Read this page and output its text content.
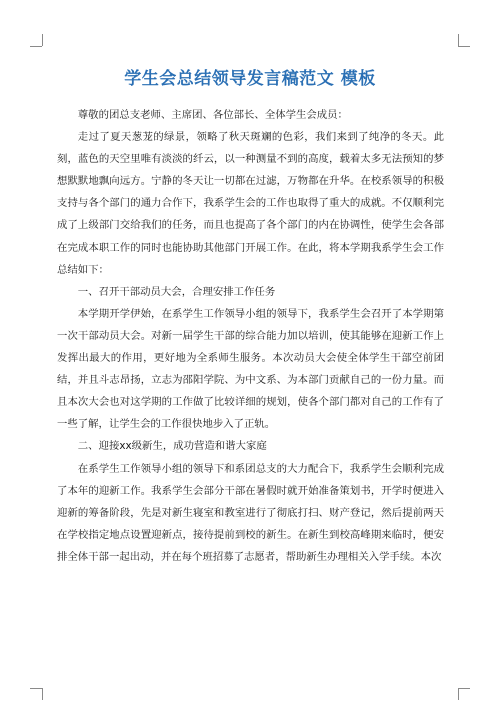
学生会总结领导发言稿范文 模板

尊敬的团总支老师、主席团、各位部长、全体学生会成员：

走过了夏天葱茏的绿景，领略了秋天斑斓的色彩，我们来到了纯净的冬天。此刻，蓝色的天空里唯有淡淡的纤云，以一种测量不到的高度，载着太多无法预知的梦想默默地飘向远方。宁静的冬天让一切都在过滤，万物都在升华。在校系领导的积极支持与各个部门的通力合作下，我系学生会的工作也取得了重大的成就。不仅顺利完成了上级部门交给我们的任务，而且也提高了各个部门的内在协调性，使学生会各部在完成本职工作的同时也能协助其他部门开展工作。在此，将本学期我系学生会工作总结如下：

一、召开干部动员大会，合理安排工作任务

本学期开学伊始，在系学生工作领导小组的领导下，我系学生会召开了本学期第一次干部动员大会。对新一届学生干部的综合能力加以培训，使其能够在迎新工作上发挥出最大的作用，更好地为全系师生服务。本次动员大会使全体学生干部空前团结，并且斗志昂扬，立志为邵阳学院、为中文系、为本部门贡献自己的一份力量。而且本次大会也对这学期的工作做了比较详细的规划，使各个部门都对自己的工作有了一些了解，让学生会的工作很快地步入了正轨。

二、迎接xx级新生，成功营造和谐大家庭

在系学生工作领导小组的领导下和系团总支的大力配合下，我系学生会顺利完成了本年的迎新工作。我系学生会部分干部在暑假时就开始准备策划书，开学时便进入迎新的筹备阶段，先是对新生寝室和教室进行了彻底打扫、财产登记，然后提前两天在学校指定地点设置迎新点，接待提前到校的新生。在新生到校高峰期来临时，便安排全体干部一起出动，并在每个班招募了志愿者，帮助新生办理相关入学手续。本次
